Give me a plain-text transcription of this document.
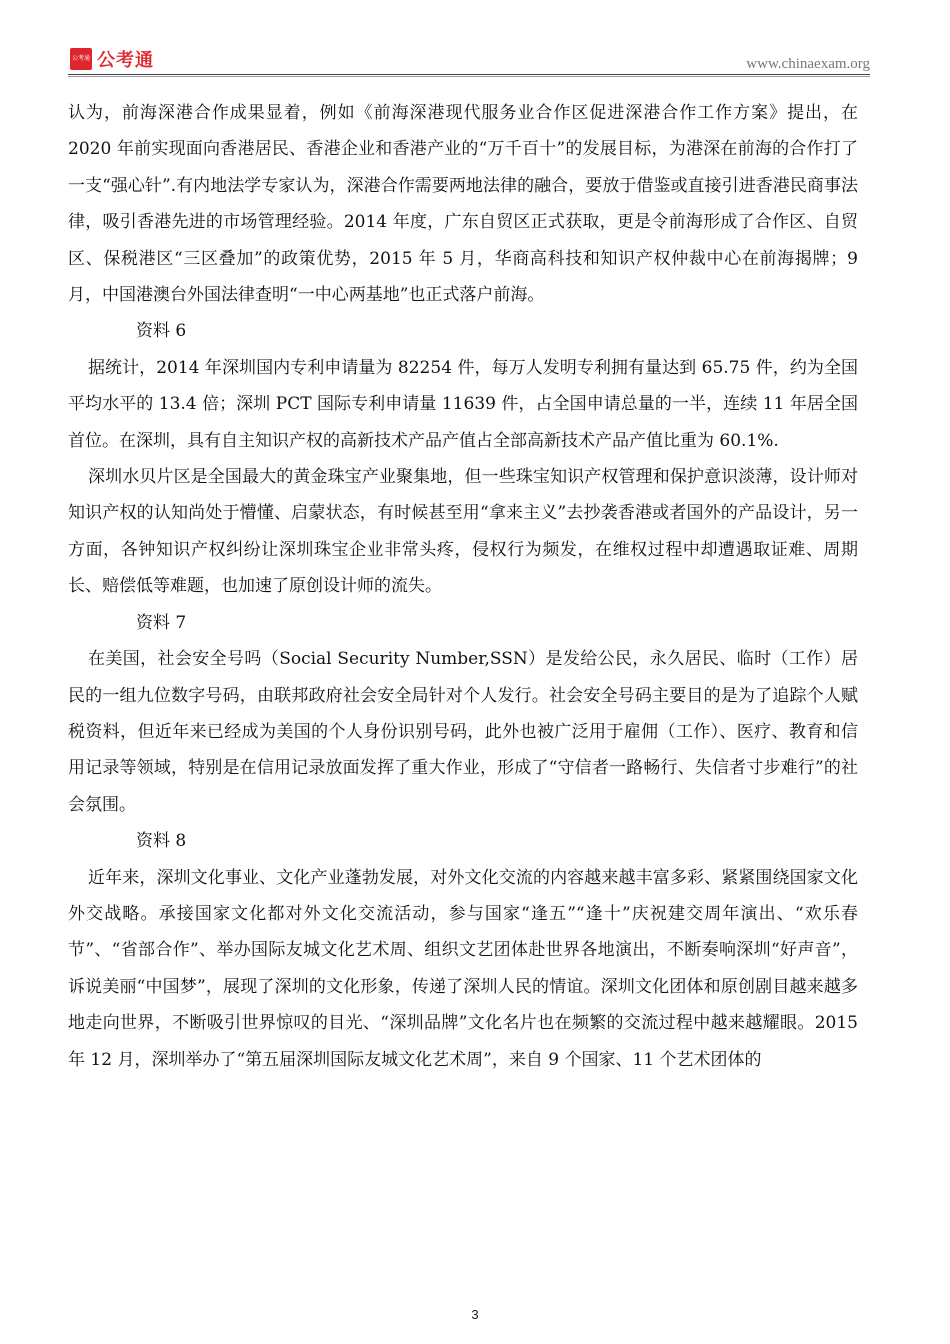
公考通 公考通	www.chinaexam.org

认为，前海深港合作成果显着，例如《前海深港现代服务业合作区促进深港合作工作方案》提出，在 2020 年前实现面向香港居民、香港企业和香港产业的“万千百十”的发展目标，为港深在前海的合作打了一支“强心针”.有内地法学专家认为，深港合作需要两地法律的融合，要放于借鉴或直接引进香港民商事法律，吸引香港先进的市场管理经验。2014 年度，广东自贸区正式获取，更是令前海形成了合作区、自贸区、保税港区“三区叠加”的政策优势，2015 年 5 月，华商高科技和知识产权仲裁中心在前海揭牌；9 月，中国港澳台外国法律查明“一中心两基地”也正式落户前海。

资料 6

据统计，2014 年深圳国内专利申请量为 82254 件，每万人发明专利拥有量达到 65.75 件，约为全国平均水平的 13.4 倍；深圳 PCT 国际专利申请量 11639 件，占全国申请总量的一半，连续 11 年居全国首位。在深圳，具有自主知识产权的高新技术产品产值占全部高新技术产品产值比重为 60.1%.

深圳水贝片区是全国最大的黄金珠宝产业聚集地，但一些珠宝知识产权管理和保护意识淡薄，设计师对知识产权的认知尚处于懵懂、启蒙状态，有时候甚至用“拿来主义”去抄袭香港或者国外的产品设计，另一方面，各钟知识产权纠纷让深圳珠宝企业非常头疼，侵权行为频发，在维权过程中却遭遇取证难、周期长、赔偿低等难题，也加速了原创设计师的流失。

资料 7

在美国，社会安全号吗（Social Security Number,SSN）是发给公民，永久居民、临时（工作）居民的一组九位数字号码，由联邦政府社会安全局针对个人发行。社会安全号码主要目的是为了追踪个人赋税资料，但近年来已经成为美国的个人身份识别号码，此外也被广泛用于雇佣（工作）、医疗、教育和信用记录等领域，特别是在信用记录放面发挥了重大作业，形成了“守信者一路畅行、失信者寸步难行”的社会氛围。

资料 8

近年来，深圳文化事业、文化产业蓬勃发展，对外文化交流的内容越来越丰富多彩、紧紧围绕国家文化外交战略。承接国家文化都对外文化交流活动，参与国家“逢五”“逢十”庆祝建交周年演出、“欢乐春节”、“省部合作”、举办国际友城文化艺术周、组织文艺团体赴世界各地演出，不断奏响深圳“好声音”，诉说美丽“中国梦”，展现了深圳的文化形象，传递了深圳人民的情谊。深圳文化团体和原创剧目越来越多地走向世界，不断吸引世界惊叹的目光、“深圳品牌”文化名片也在频繁的交流过程中越来越耀眼。2015 年 12 月，深圳举办了“第五届深圳国际友城文化艺术周”，来自 9 个国家、11 个艺术团体的

3
